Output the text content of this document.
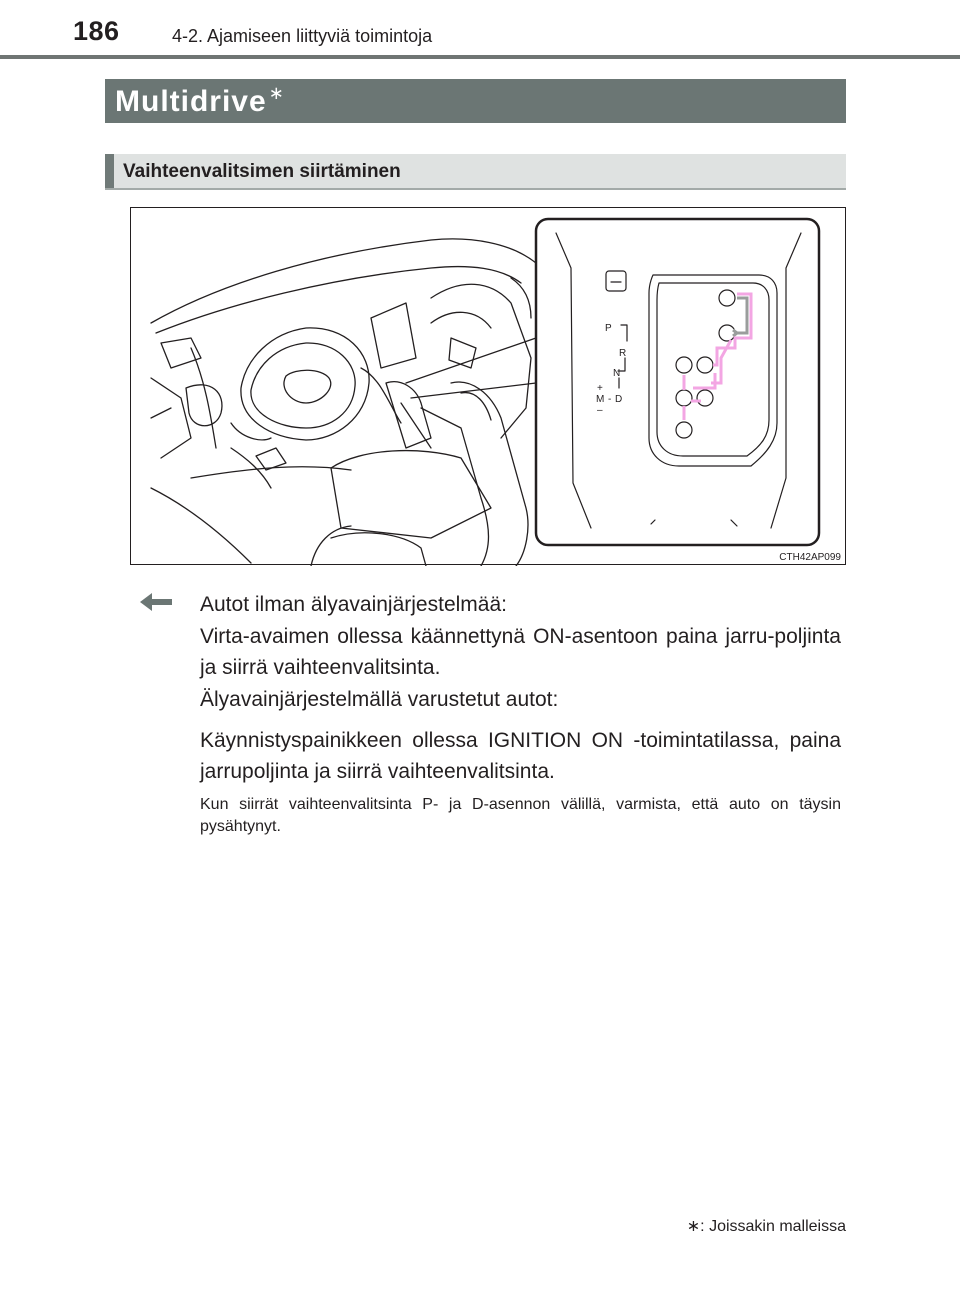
186	4-2. Ajamiseen liittyviä toimintoja
Multidrive ∗
Vaihteenvalitsimen siirtäminen
P
R
N
+
M - D
–
CTH42AP099
Autot ilman älyavainjärjestelmää:
Virta-avaimen ollessa käännettynä ON-asentoon paina jarru-poljinta ja siirrä vaihteenvalitsinta.
Älyavainjärjestelmällä varustetut autot:
Käynnistyspainikkeen ollessa IGNITION ON -toimintatilassa, paina jarrupoljinta ja siirrä vaihteenvalitsinta.
Kun siirrät vaihteenvalitsinta P- ja D-asennon välillä, varmista, että auto on täysin pysähtynyt.
∗: Joissakin malleissa
